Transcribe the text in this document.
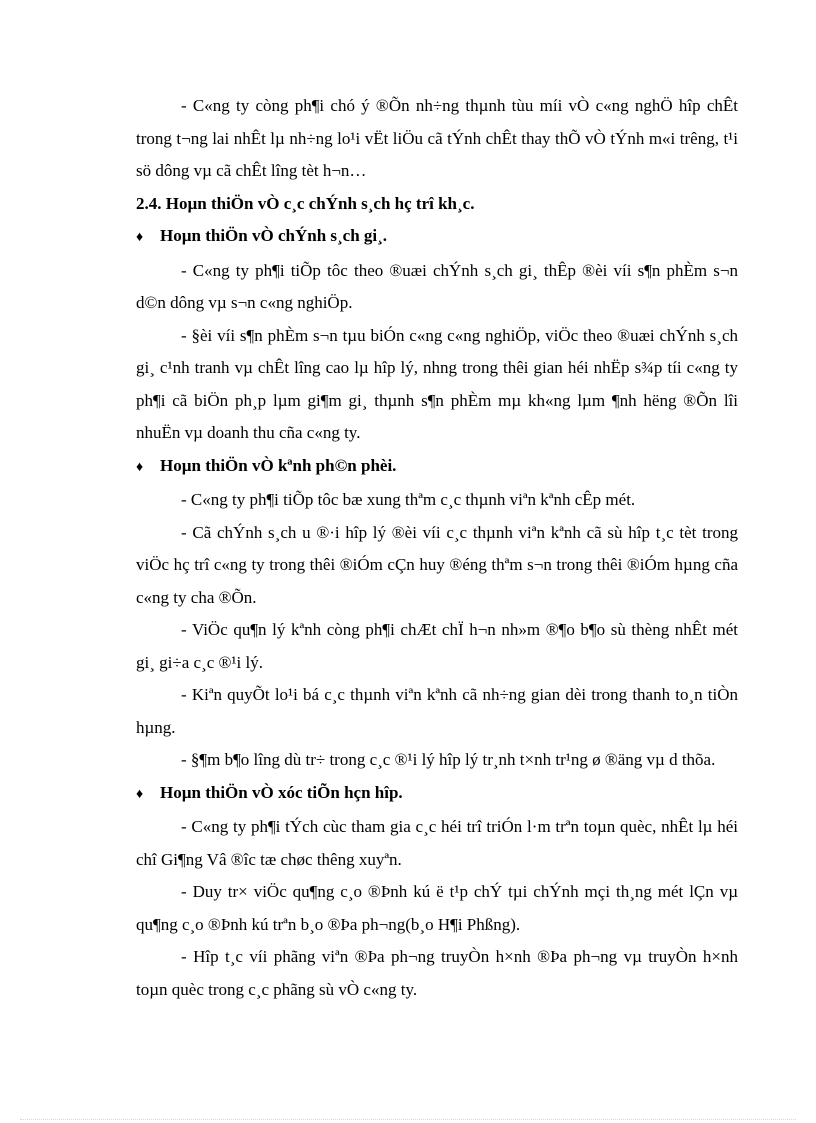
- C«ng ty còng ph¶i chó ý ®Õn nh÷ng thµnh tùu míi vÒ c«ng nghÖ hîp chÊt trong t¬ng lai nhÊt lµ nh÷ng lo¹i vËt liÖu cã tÝnh chÊt thay thÕ vÒ tÝnh m«i trêng, t¹i sö dông vµ cã chÊt lîng tèt h¬n…

2.4. Hoµn thiÖn vÒ c¸c chÝnh s¸ch hç trî kh¸c.

♦ Hoµn thiÖn vÒ chÝnh s¸ch gi¸.

- C«ng ty ph¶i tiÕp tôc theo ®uæi chÝnh s¸ch gi¸ thÊp ®èi víi s¶n phÈm s¬n d©n dông vµ s¬n c«ng nghiÖp.

- §èi víi s¶n phÈm s¬n tµu biÓn c«ng c«ng nghiÖp, viÖc theo ®uæi chÝnh s¸ch gi¸ c¹nh tranh vµ chÊt lîng cao lµ hîp lý, nhng trong thêi gian héi nhËp s¾p tíi c«ng ty ph¶i cã biÖn ph¸p lµm gi¶m gi¸ thµnh s¶n phÈm mµ kh«ng lµm ¶nh hëng ®Õn lîi nhuËn vµ doanh thu cña c«ng ty.

♦ Hoµn thiÖn vÒ kªnh ph©n phèi.

- C«ng ty ph¶i tiÕp tôc bæ xung thªm c¸c thµnh viªn kªnh cÊp mét.

- Cã chÝnh s¸ch u ®·i hîp lý ®èi víi c¸c thµnh viªn kªnh cã sù hîp t¸c tèt trong viÖc hç trî c«ng ty trong thêi ®iÓm cÇn huy ®éng thªm s¬n trong thêi ®iÓm hµng cña c«ng ty cha ®Õn.

- ViÖc qu¶n lý kªnh còng ph¶i chÆt chÏ h¬n nh»m ®¶o b¶o sù thèng nhÊt mét gi¸ gi÷a c¸c ®¹i lý.

- Kiªn quyÕt lo¹i bá c¸c thµnh viªn kªnh cã nh÷ng gian dèi trong thanh to¸n tiÒn hµng.

- §¶m b¶o lîng dù tr÷ trong c¸c ®¹i lý hîp lý tr¸nh t×nh tr¹ng ø ®äng vµ d thõa.

♦ Hoµn thiÖn vÒ xóc tiÕn hçn hîp.

- C«ng ty ph¶i tÝch cùc tham gia c¸c héi trî triÓn l·m trªn toµn quèc, nhÊt lµ héi chî Gi¶ng Vâ ®îc tæ chøc thêng xuyªn.

- Duy tr× viÖc qu¶ng c¸o ®Þnh kú ë t¹p chÝ tµi chÝnh mçi th¸ng mét lÇn vµ qu¶ng c¸o ®Þnh kú trªn b¸o ®Þa ph¬ng(b¸o H¶i Phßng).

- Hîp t¸c víi phãng viªn ®Þa ph¬ng truyÒn h×nh ®Þa ph¬ng vµ truyÒn h×nh toµn quèc trong c¸c phãng sù vÒ c«ng ty.
